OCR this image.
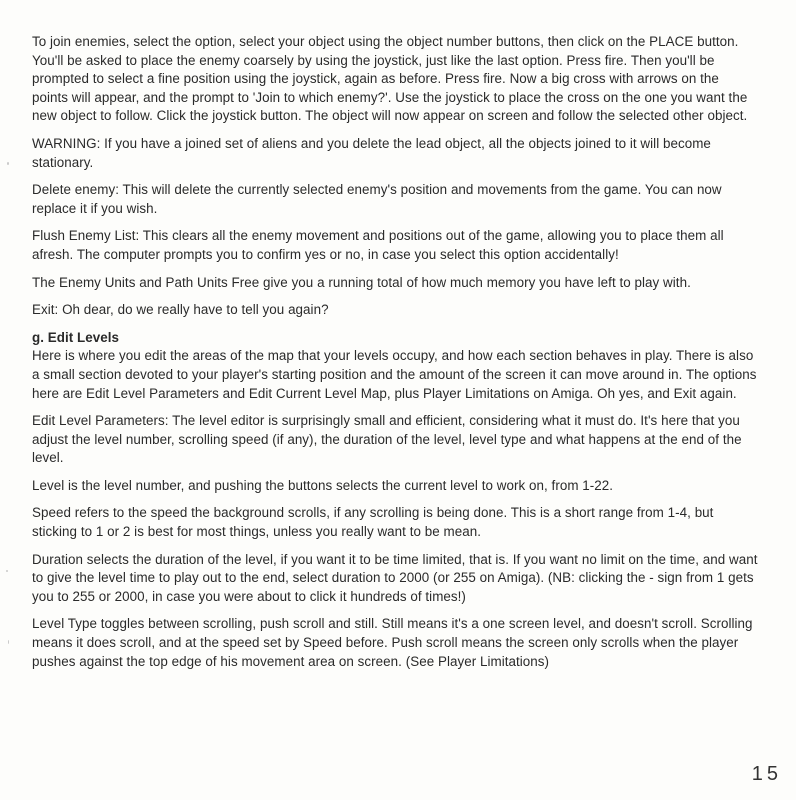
To join enemies, select the option, select your object using the object number buttons, then click on the PLACE button. You'll be asked to place the enemy coarsely by using the joystick, just like the last option. Press fire. Then you'll be prompted to select a fine position using the joystick, again as before. Press fire. Now a big cross with arrows on the points will appear, and the prompt to 'Join to which enemy?'. Use the joystick to place the cross on the one you want the new object to follow. Click the joystick button. The object will now appear on screen and follow the selected other object.

WARNING: If you have a joined set of aliens and you delete the lead object, all the objects joined to it will become stationary.

Delete enemy: This will delete the currently selected enemy's position and movements from the game. You can now replace it if you wish.

Flush Enemy List: This clears all the enemy movement and positions out of the game, allowing you to place them all afresh. The computer prompts you to confirm yes or no, in case you select this option accidentally!

The Enemy Units and Path Units Free give you a running total of how much memory you have left to play with.

Exit: Oh dear, do we really have to tell you again?

g. Edit Levels
Here is where you edit the areas of the map that your levels occupy, and how each section behaves in play. There is also a small section devoted to your player's starting position and the amount of the screen it can move around in. The options here are Edit Level Parameters and Edit Current Level Map, plus Player Limitations on Amiga. Oh yes, and Exit again.

Edit Level Parameters: The level editor is surprisingly small and efficient, considering what it must do. It's here that you adjust the level number, scrolling speed (if any), the duration of the level, level type and what happens at the end of the level.

Level is the level number, and pushing the buttons selects the current level to work on, from 1-22.

Speed refers to the speed the background scrolls, if any scrolling is being done. This is a short range from 1-4, but sticking to 1 or 2 is best for most things, unless you really want to be mean.

Duration selects the duration of the level, if you want it to be time limited, that is. If you want no limit on the time, and want to give the level time to play out to the end, select duration to 2000 (or 255 on Amiga). (NB: clicking the - sign from 1 gets you to 255 or 2000, in case you were about to click it hundreds of times!)

Level Type toggles between scrolling, push scroll and still. Still means it's a one screen level, and doesn't scroll. Scrolling means it does scroll, and at the speed set by Speed before. Push scroll means the screen only scrolls when the player pushes against the top edge of his movement area on screen. (See Player Limitations)

15
